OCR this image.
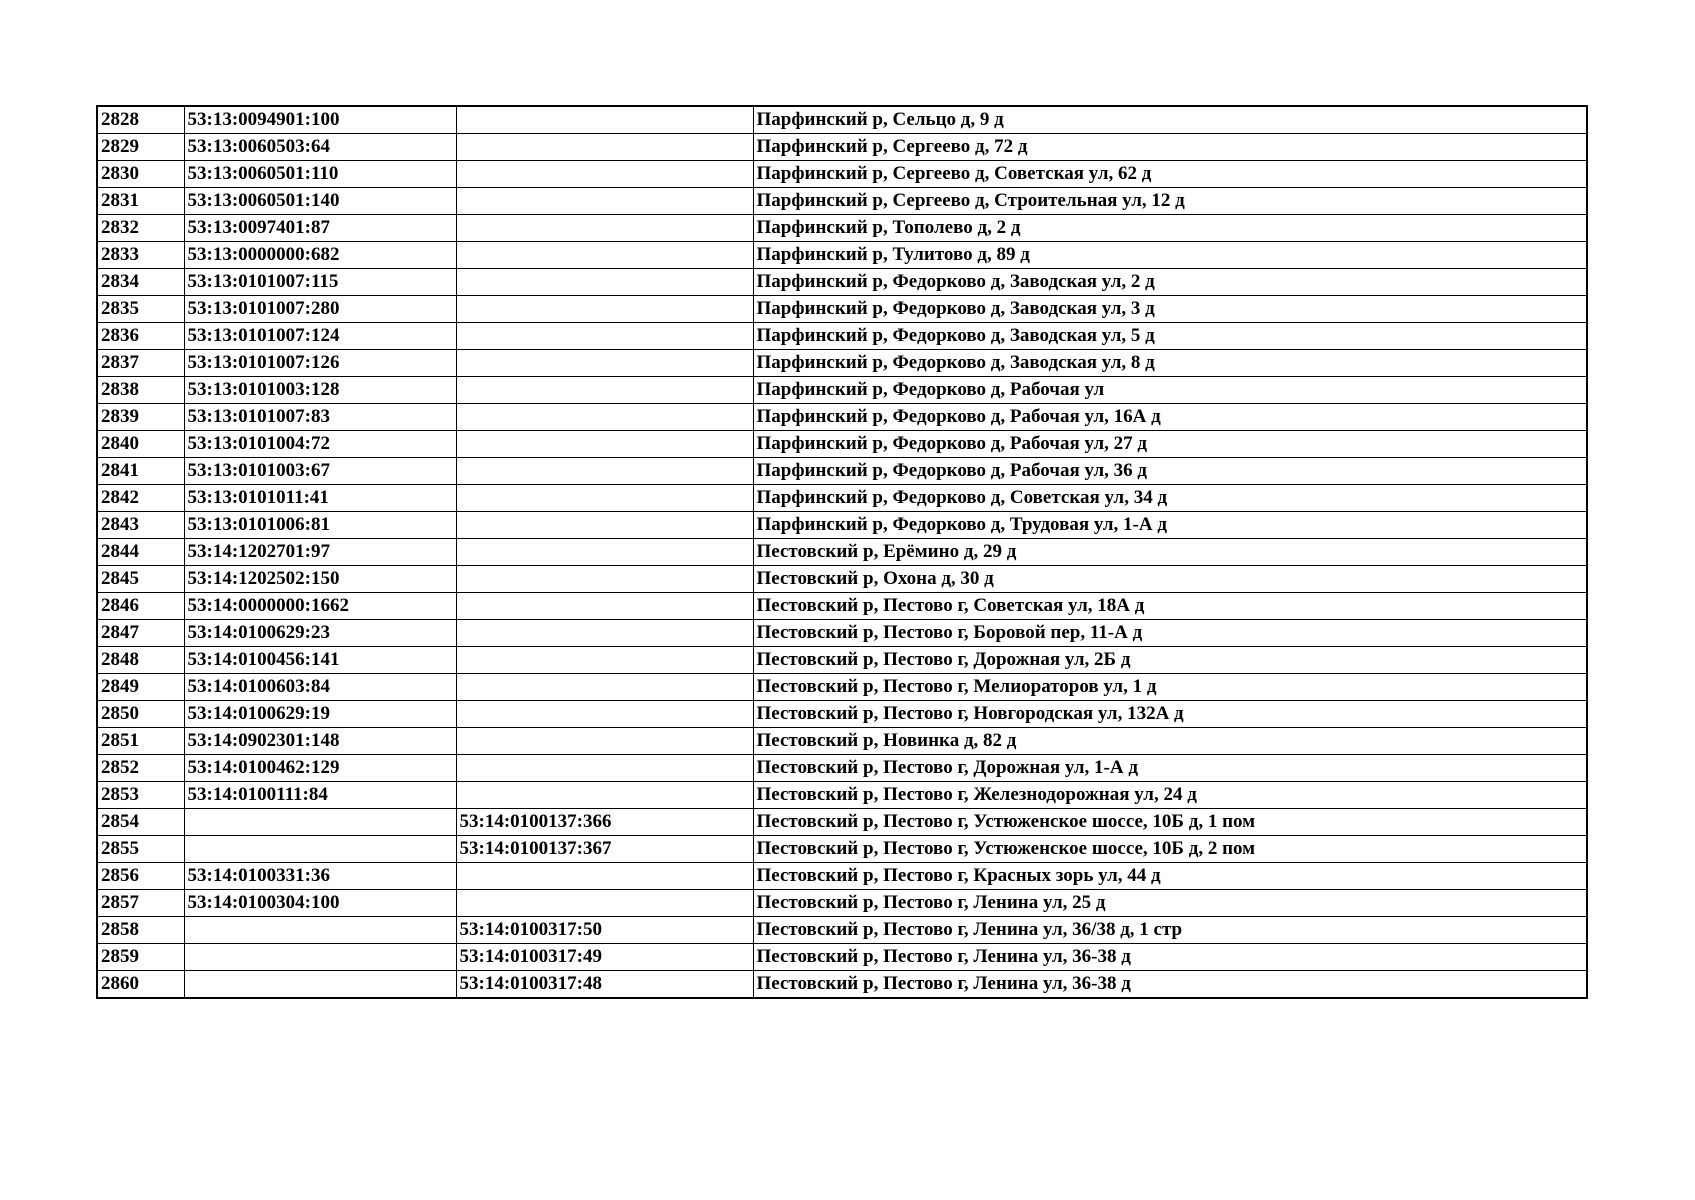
2828	53:13:0094901:100		Парфинский р, Сельцо д, 9 д
2829	53:13:0060503:64		Парфинский р, Сергеево д, 72 д
2830	53:13:0060501:110		Парфинский р, Сергеево д, Советская ул, 62 д
2831	53:13:0060501:140		Парфинский р, Сергеево д, Строительная ул, 12 д
2832	53:13:0097401:87		Парфинский р, Тополево д, 2 д
2833	53:13:0000000:682		Парфинский р, Тулитово д, 89 д
2834	53:13:0101007:115		Парфинский р, Федорково д, Заводская ул, 2 д
2835	53:13:0101007:280		Парфинский р, Федорково д, Заводская ул, 3 д
2836	53:13:0101007:124		Парфинский р, Федорково д, Заводская ул, 5 д
2837	53:13:0101007:126		Парфинский р, Федорково д, Заводская ул, 8 д
2838	53:13:0101003:128		Парфинский р, Федорково д, Рабочая ул
2839	53:13:0101007:83		Парфинский р, Федорково д, Рабочая ул, 16А д
2840	53:13:0101004:72		Парфинский р, Федорково д, Рабочая ул, 27 д
2841	53:13:0101003:67		Парфинский р, Федорково д, Рабочая ул, 36 д
2842	53:13:0101011:41		Парфинский р, Федорково д, Советская ул, 34 д
2843	53:13:0101006:81		Парфинский р, Федорково д, Трудовая ул, 1-А д
2844	53:14:1202701:97		Пестовский р, Ерёмино д, 29 д
2845	53:14:1202502:150		Пестовский р, Охона д, 30 д
2846	53:14:0000000:1662		Пестовский р, Пестово г, Советская ул, 18А д
2847	53:14:0100629:23		Пестовский р, Пестово г, Боровой пер, 11-А д
2848	53:14:0100456:141		Пестовский р, Пестово г, Дорожная ул, 2Б д
2849	53:14:0100603:84		Пестовский р, Пестово г, Мелиораторов ул, 1 д
2850	53:14:0100629:19		Пестовский р, Пестово г, Новгородская ул, 132А д
2851	53:14:0902301:148		Пестовский р, Новинка д, 82 д
2852	53:14:0100462:129		Пестовский р, Пестово г, Дорожная ул, 1-А д
2853	53:14:0100111:84		Пестовский р, Пестово г, Железнодорожная ул, 24 д
2854		53:14:0100137:366	Пестовский р, Пестово г, Устюженское шоссе, 10Б д, 1 пом
2855		53:14:0100137:367	Пестовский р, Пестово г, Устюженское шоссе, 10Б д, 2 пом
2856	53:14:0100331:36		Пестовский р, Пестово г, Красных зорь ул, 44 д
2857	53:14:0100304:100		Пестовский р, Пестово г, Ленина ул, 25 д
2858		53:14:0100317:50	Пестовский р, Пестово г, Ленина ул, 36/38 д, 1 стр
2859		53:14:0100317:49	Пестовский р, Пестово г, Ленина ул, 36-38 д
2860		53:14:0100317:48	Пестовский р, Пестово г, Ленина ул, 36-38 д
